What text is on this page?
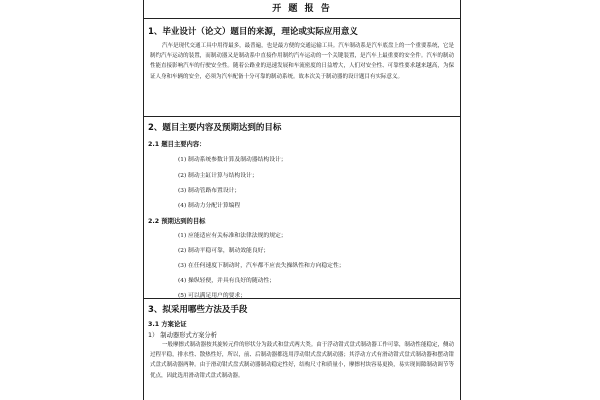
开 题 报 告
1、毕业设计（论文）题目的来源，理论或实际应用意义
汽车是现代交通工具中用得最多，最普遍，也是最方便的交通运输工具。汽车制动系是汽车底盘上的一个重要系统，它是制约汽车运动的装置，而制动器又是制动系中直接作用制约汽车运动的一个关键装置，是汽车上最重要的安全件。汽车的制动性能直接影响汽车的行驶安全性。随着公路业的迅速发展和车流密度的日益增大，人们对安全性、可靠性要求越来越高，为保证人身和车辆的安全，必须为汽车配备十分可靠的制动系统。故本次关于制动器的设计题目有实际意义。
2、题目主要内容及预期达到的目标
2.1 题目主要内容：
(1) 制动系统参数计算及制动器结构设计；
(2) 制动主缸计算与结构设计；
(3) 制动管路布置设计；
(4) 制动力分配计算编程
2.2 预期达到的目标
(1) 应能适应有关标准和法律法规的规定；
(2) 制动平稳可靠，制动效能良好；
(3) 在任何速度下制动时，汽车都不应丧失操纵性和方向稳定性；
(4) 操纵轻便，并具有良好的随动性；
(5) 可以满足用户的要求；
3、拟采用哪些方法及手段
3.1 方案论证
1） 制动器形式方案分析
一般摩擦式制动器按其旋转元件的形状分为鼓式和盘式两大类。由于浮动钳式盘式制动器工作可靠，制动性能稳定，侧动过程平稳，排水性、散热性好，所以，前、后制动器都选用浮动钳式盘式制动器；其浮动方式有滑动钳式盘式制动器和摆动钳式盘式制动器两种。由于滑动钳式盘式制动器制动稳定性好，结构尺寸和质量小，摩擦衬块容易更换，易实现间隙制动调节等优点，因此选用滑动钳式盘式制动器。
